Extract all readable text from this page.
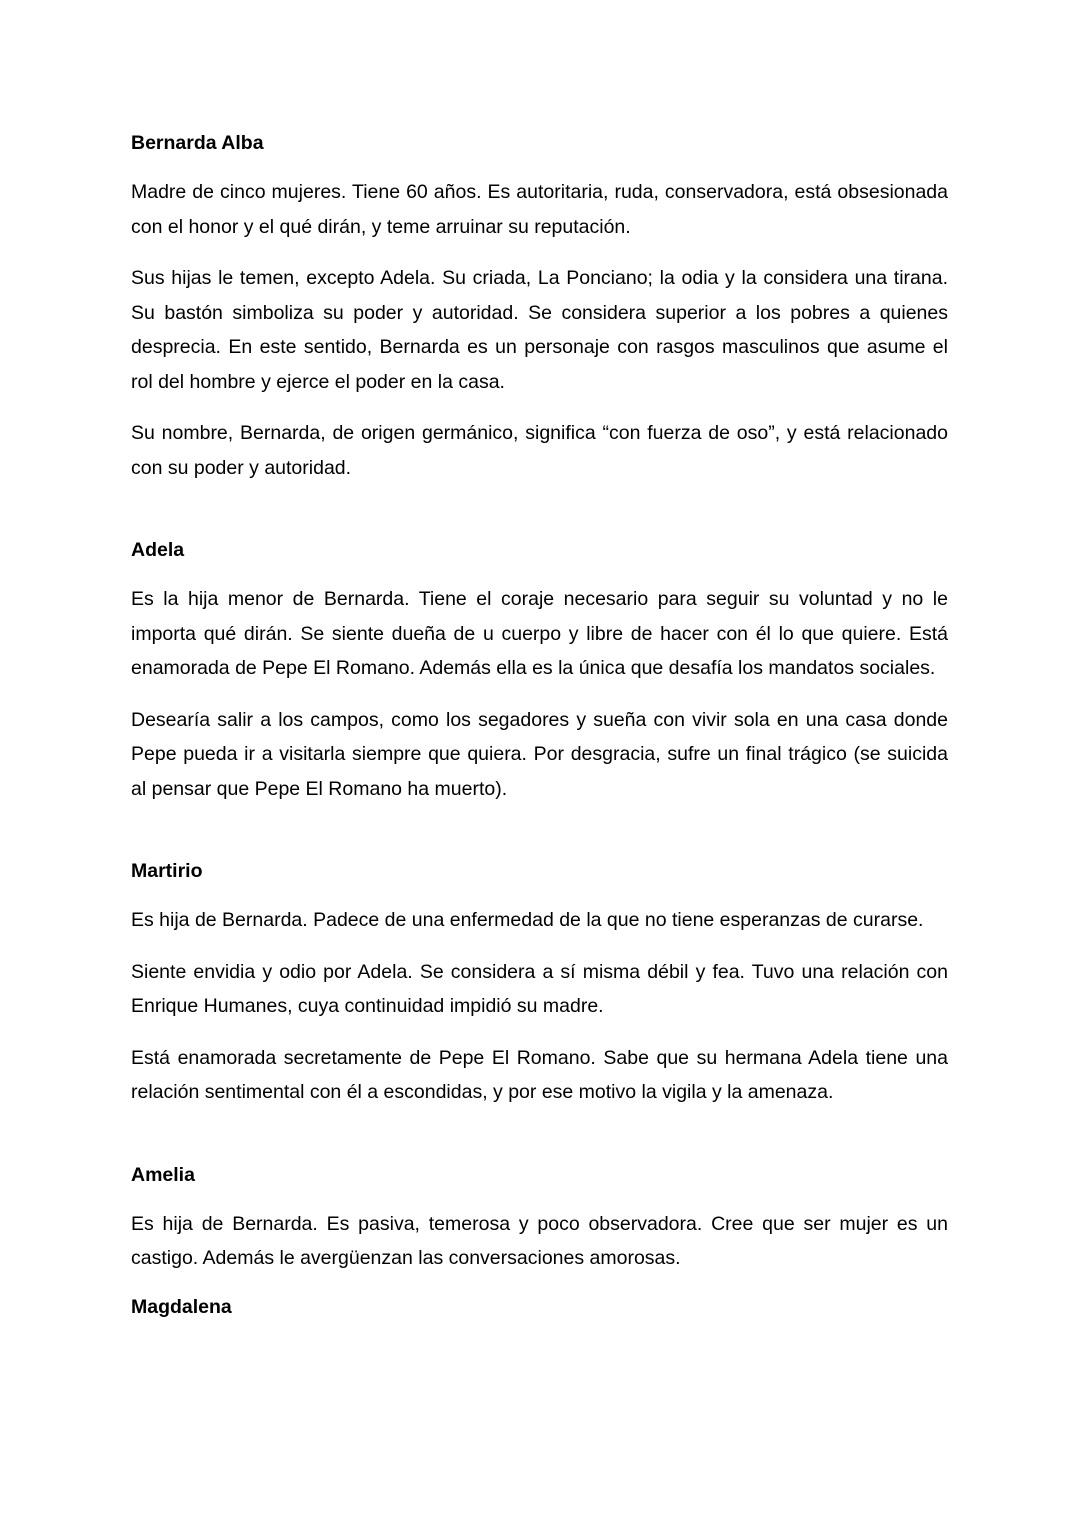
Bernarda Alba

Madre de cinco mujeres. Tiene 60 años. Es autoritaria, ruda, conservadora, está obsesionada con el honor y el qué dirán, y teme arruinar su reputación.

Sus hijas le temen, excepto Adela. Su criada, La Ponciano; la odia y la considera una tirana. Su bastón simboliza su poder y autoridad. Se considera superior a los pobres a quienes desprecia. En este sentido, Bernarda es un personaje con rasgos masculinos que asume el rol del hombre y ejerce el poder en la casa.

Su nombre, Bernarda, de origen germánico, significa “con fuerza de oso”, y está relacionado con su poder y autoridad.

Adela

Es la hija menor de Bernarda. Tiene el coraje necesario para seguir su voluntad y no le importa qué dirán. Se siente dueña de u cuerpo y libre de hacer con él lo que quiere. Está enamorada de Pepe El Romano. Además ella es la única que desafía los mandatos sociales.

Desearía salir a los campos, como los segadores y sueña con vivir sola en una casa donde Pepe pueda ir a visitarla siempre que quiera. Por desgracia, sufre un final trágico (se suicida al pensar que Pepe El Romano ha muerto).

Martirio

Es hija de Bernarda. Padece de una enfermedad de la que no tiene esperanzas de curarse.

Siente envidia y odio por Adela. Se considera a sí misma débil y fea. Tuvo una relación con Enrique Humanes, cuya continuidad impidió su madre.

Está enamorada secretamente de Pepe El Romano. Sabe que su hermana Adela tiene una relación sentimental con él a escondidas, y por ese motivo la vigila y la amenaza.

Amelia

Es hija de Bernarda. Es pasiva, temerosa y poco observadora. Cree que ser mujer es un castigo. Además le avergüenzan las conversaciones amorosas.

Magdalena
